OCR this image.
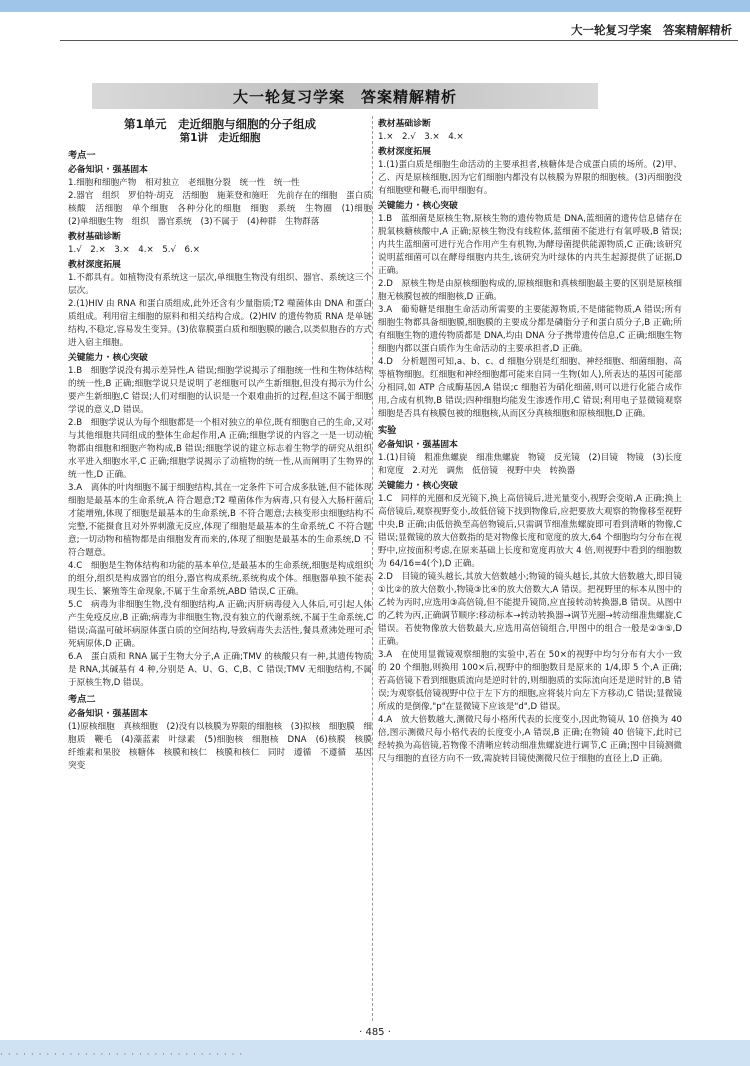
大一轮复习学案　答案精解精析
大一轮复习学案　答案精解精析
第1单元　走近细胞与细胞的分子组成
第1讲　走近细胞
考点一
必备知识 · 强基固本

1.细胞和细胞产物　相对独立　老细胞分裂　统一性　统一性

2.器官　组织　罗伯特·胡克　活细胞　施莱登和施旺　先前存在的细胞　蛋白质　核酸　活细胞　单个细胞　各种分化的细胞　细胞　系统　生物圈　(1)细胞　(2)单细胞生物　组织　器官系统　(3)不属于　(4)种群　生物群落

教材基础诊断

1.√　2.×　3.×　4.×　5.√　6.×

教材深度拓展

1.不都具有。如植物没有系统这一层次,单细胞生物没有组织、器官、系统这三个层次。

2.(1)HIV 由 RNA 和蛋白质组成,此外还含有少量脂质;T2 噬菌体由 DNA 和蛋白质组成。利用宿主细胞的原料和相关结构合成。(2)HIV 的遗传物质 RNA 是单链结构,不稳定,容易发生变异。(3)依靠膜蛋白质和细胞膜的融合,以类似胞吞的方式进入宿主细胞。

关键能力 · 核心突破

1.B　细胞学说没有揭示差异性,A 错误;细胞学说揭示了细胞统一性和生物体结构的统一性,B 正确;细胞学说只是说明了老细胞可以产生新细胞,但没有揭示为什么要产生新细胞,C 错误;人们对细胞的认识是一个艰难曲折的过程,但这不属于细胞学说的意义,D 错误。

2.B　细胞学说认为每个细胞都是一个相对独立的单位,既有细胞自己的生命,又对与其他细胞共同组成的整体生命起作用,A 正确;细胞学说的内容之一是一切动植物都由细胞和细胞产物构成,B 错误;细胞学说的建立标志着生物学的研究从组织水平进入细胞水平,C 正确;细胞学说揭示了动植物的统一性,从而阐明了生物界的统一性,D 正确。

3.A　离体的叶肉细胞不属于细胞结构,其在一定条件下可合成多肽链,但不能体现细胞是最基本的生命系统,A 符合题意;T2 噬菌体作为病毒,只有侵入大肠杆菌后才能增殖,体现了细胞是最基本的生命系统,B 不符合题意;去核变形虫细胞结构不完整,不能摄食且对外界刺激无反应,体现了细胞是最基本的生命系统,C 不符合题意;一切动物和植物都是由细胞发育而来的,体现了细胞是最基本的生命系统,D 不符合题意。

4.C　细胞是生物体结构和功能的基本单位,是最基本的生命系统,细胞是构成组织的组分,组织是构成器官的组分,器官构成系统,系统构成个体。细胞器单独不能表现生长、繁殖等生命现象,不属于生命系统,ABD 错误,C 正确。

5.C　病毒为非细胞生物,没有细胞结构,A 正确;丙肝病毒侵入人体后,可引起人体产生免疫反应,B 正确;病毒为非细胞生物,没有独立的代谢系统,不属于生命系统,C 错误;高温可破坏病原体蛋白质的空间结构,导致病毒失去活性,餐具煮沸处理可杀死病原体,D 正确。

6.A　蛋白质和 RNA 属于生物大分子,A 正确;TMV 的核酸只有一种,其遗传物质是 RNA,其碱基有 4 种,分别是 A、U、G、C,B、C 错误;TMV 无细胞结构,不属于原核生物,D 错误。

考点二
必备知识 · 强基固本

(1)原核细胞　真核细胞　(2)没有以核膜为界限的细胞核　(3)拟核　细胞膜　细胞质　鞭毛　(4)藻蓝素　叶绿素　(5)细胞核　细胞核　DNA　(6)核膜　核膜　纤维素和果胶　核糖体　核膜和核仁　核膜和核仁　同时　遵循　不遵循　基因突变

教材基础诊断

1.×　2.√　3.×　4.×

教材深度拓展

1.(1)蛋白质是细胞生命活动的主要承担者,核糖体是合成蛋白质的场所。(2)甲、乙、丙是原核细胞,因为它们细胞内都没有以核膜为界限的细胞核。(3)丙细胞没有细胞壁和鞭毛,而甲细胞有。

关键能力 · 核心突破

1.B　蓝细菌是原核生物,原核生物的遗传物质是 DNA,蓝细菌的遗传信息储存在脱氧核糖核酸中,A 正确;原核生物没有线粒体,蓝细菌不能进行有氧呼吸,B 错误;内共生蓝细菌可进行光合作用产生有机物,为酵母菌提供能源物质,C 正确;该研究说明蓝细菌可以在酵母细胞内共生,该研究为叶绿体的内共生起源提供了证据,D 正确。

2.D　原核生物是由原核细胞构成的,原核细胞和真核细胞最主要的区别是原核细胞无核膜包被的细胞核,D 正确。

3.A　葡萄糖是细胞生命活动所需要的主要能源物质,不是储能物质,A 错误;所有细胞生物都具备细胞膜,细胞膜的主要成分都是磷脂分子和蛋白质分子,B 正确;所有细胞生物的遗传物质都是 DNA,均由 DNA 分子携带遗传信息,C 正确;细胞生物细胞内都以蛋白质作为生命活动的主要承担者,D 正确。

4.D　分析题图可知,a、b、c、d 细胞分别是红细胞、神经细胞、细菌细胞、高等植物细胞。红细胞和神经细胞都可能来自同一生物(如人),所表达的基因可能部分相同,如 ATP 合成酶基因,A 错误;c 细胞若为硝化细菌,则可以进行化能合成作用,合成有机物,B 错误;四种细胞均能发生渗透作用,C 错误;利用电子显微镜观察细胞是否具有核膜包被的细胞核,从而区分真核细胞和原核细胞,D 正确。

实验
必备知识 · 强基固本

1.(1)目镜　粗准焦螺旋　细准焦螺旋　物镜　反光镜　(2)目镜　物镜　(3)长度和宽度　2.对光　调焦　低倍镜　视野中央　转换器

关键能力 · 核心突破

1.C　同样的光圈和反光镜下,换上高倍镜后,进光量变小,视野会变暗,A 正确;换上高倍镜后,观察视野变小,故低倍镜下找到物像后,应把要放大观察的物像移至视野中央,B 正确;由低倍换至高倍物镜后,只需调节细准焦螺旋即可看到清晰的物像,C 错误;显微镜的放大倍数指的是对物像长度和宽度的放大,64 个细胞均匀分布在视野中,应按面积考虑,在原来基础上长度和宽度再放大 4 倍,则视野中看到的细胞数为 64/16=4(个),D 正确。

2.D　目镜的镜头越长,其放大倍数越小;物镜的镜头越长,其放大倍数越大,即目镜①比②的放大倍数小,物镜③比④的放大倍数大,A 错误。把视野里的标本从图中的乙转为丙时,应选用③高倍镜,但不能提升镜筒,应直接转动转换器,B 错误。从图中的乙转为丙,正确调节顺序:移动标本→转动转换器→调节光圈→转动细准焦螺旋,C 错误。若使物像放大倍数最大,应选用高倍镜组合,甲图中的组合一般是②③⑤,D 正确。

3.A　在使用显微镜观察细胞的实验中,若在 50×的视野中均匀分布有大小一致的 20 个细胞,则换用 100×后,视野中的细胞数目是原来的 1/4,即 5 个,A 正确;若高倍镜下看到细胞质流向是逆时针的,则细胞质的实际流向还是逆时针的,B 错误;为观察低倍镜视野中位于左下方的细胞,应将装片向左下方移动,C 错误;显微镜所成的是倒像,"p"在显微镜下应该是"d",D 错误。

4.A　放大倍数越大,测微尺每小格所代表的长度变小,因此物镜从 10 倍换为 40 倍,图示测微尺每小格代表的长度变小,A 错误,B 正确;在物镜 40 倍镜下,此时已经转换为高倍镜,若物像不清晰应转动细准焦螺旋进行调节,C 正确;图中目镜测微尺与细胞的直径方向不一致,需旋转目镜使测微尺位于细胞的直径上,D 正确。

· 485 ·
· · · · · · · · · · · · · · · · · · · · · · · · · · · · · · · ·
